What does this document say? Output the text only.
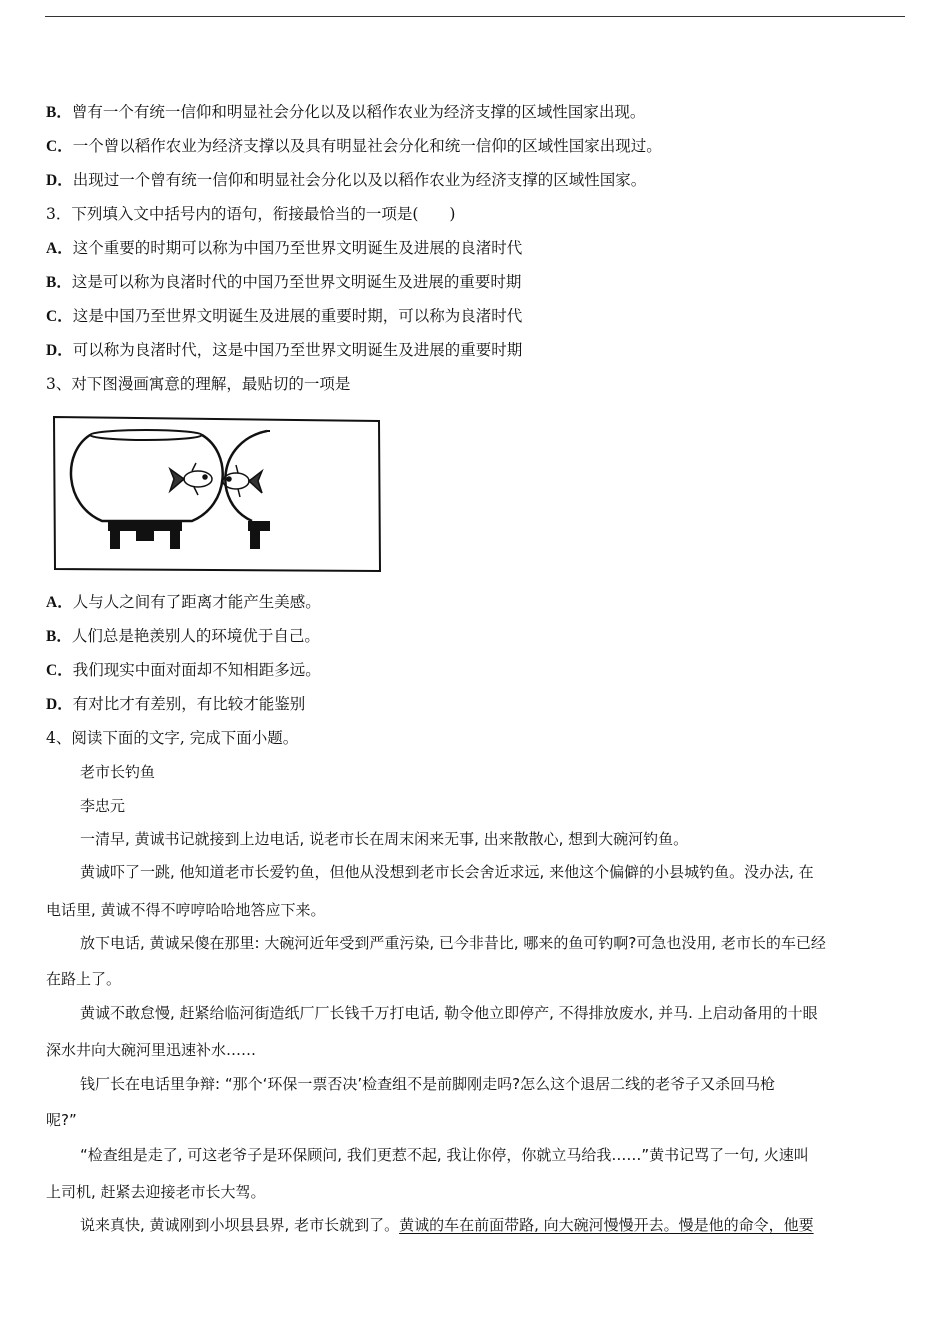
B．曾有一个有统一信仰和明显社会分化以及以稻作农业为经济支撑的区域性国家出现。
C．一个曾以稻作农业为经济支撑以及具有明显社会分化和统一信仰的区域性国家出现过。
D．出现过一个曾有统一信仰和明显社会分化以及以稻作农业为经济支撑的区域性国家。
3．下列填入文中括号内的语句，衔接最恰当的一项是(　　)
A．这个重要的时期可以称为中国乃至世界文明诞生及进展的良渚时代
B．这是可以称为良渚时代的中国乃至世界文明诞生及进展的重要时期
C．这是中国乃至世界文明诞生及进展的重要时期，可以称为良渚时代
D．可以称为良渚时代，这是中国乃至世界文明诞生及进展的重要时期
3、对下图漫画寓意的理解，最贴切的一项是
A．人与人之间有了距离才能产生美感。
B．人们总是艳羡别人的环境优于自己。
C．我们现实中面对面却不知相距多远。
D．有对比才有差别，有比较才能鉴别
4、阅读下面的文字, 完成下面小题。
老市长钓鱼
李忠元
一清早, 黄诚书记就接到上边电话, 说老市长在周末闲来无事, 出来散散心, 想到大碗河钓鱼。
黄诚吓了一跳, 他知道老市长爱钓鱼，但他从没想到老市长会舍近求远, 来他这个偏僻的小县城钓鱼。没办法, 在
电话里, 黄诚不得不哼哼哈哈地答应下来。
放下电话, 黄诚呆傻在那里: 大碗河近年受到严重污染, 已今非昔比, 哪来的鱼可钓啊?可急也没用, 老市长的车已经
在路上了。
黄诚不敢怠慢, 赶紧给临河街造纸厂厂长钱千万打电话, 勒令他立即停产, 不得排放废水, 并马. 上启动备用的十眼
深水井向大碗河里迅速补水……
钱厂长在电话里争辩: “那个‘环保一票否决’检查组不是前脚刚走吗?怎么这个退居二线的老爷子又杀回马枪
呢?”
“检查组是走了, 可这老爷子是环保顾问, 我们更惹不起, 我让你停，你就立马给我……”黄书记骂了一句, 火速叫
上司机, 赶紧去迎接老市长大驾。
说来真快, 黄诚刚到小坝县县界, 老市长就到了。黄诚的车在前面带路, 向大碗河慢慢开去。慢是他的命令，他要
